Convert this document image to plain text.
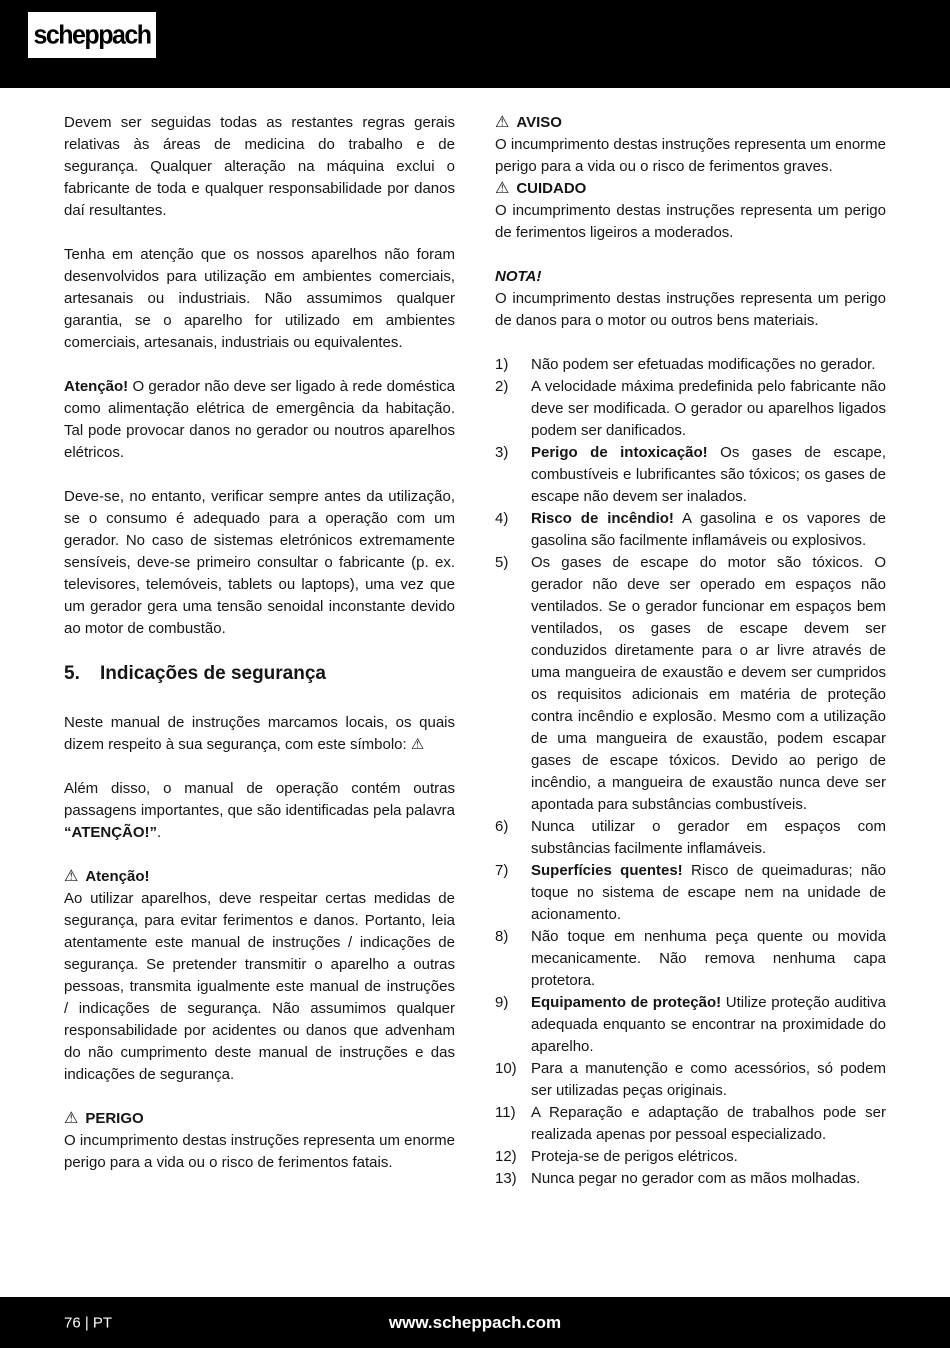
scheppach

Devem ser seguidas todas as restantes regras gerais relativas às áreas de medicina do trabalho e de segurança. Qualquer alteração na máquina exclui o fabricante de toda e qualquer responsabilidade por danos daí resultantes.

Tenha em atenção que os nossos aparelhos não foram desenvolvidos para utilização em ambientes comerciais, artesanais ou industriais. Não assumimos qualquer garantia, se o aparelho for utilizado em ambientes comerciais, artesanais, industriais ou equivalentes.

Atenção! O gerador não deve ser ligado à rede doméstica como alimentação elétrica de emergência da habitação. Tal pode provocar danos no gerador ou noutros aparelhos elétricos.

Deve-se, no entanto, verificar sempre antes da utilização, se o consumo é adequado para a operação com um gerador. No caso de sistemas eletrónicos extremamente sensíveis, deve-se primeiro consultar o fabricante (p. ex. televisores, telemóveis, tablets ou laptops), uma vez que um gerador gera uma tensão senoidal inconstante devido ao motor de combustão.

5.	Indicações de segurança

Neste manual de instruções marcamos locais, os quais dizem respeito à sua segurança, com este símbolo: ⚠

Além disso, o manual de operação contém outras passagens importantes, que são identificadas pela palavra “ATENÇÃO!”.

⚠ Atenção!

Ao utilizar aparelhos, deve respeitar certas medidas de segurança, para evitar ferimentos e danos. Portanto, leia atentamente este manual de instruções / indicações de segurança. Se pretender transmitir o aparelho a outras pessoas, transmita igualmente este manual de instruções / indicações de segurança. Não assumimos qualquer responsabilidade por acidentes ou danos que advenham do não cumprimento deste manual de instruções e das indicações de segurança.

⚠ PERIGO

O incumprimento destas instruções representa um enorme perigo para a vida ou o risco de ferimentos fatais.

⚠ AVISO

O incumprimento destas instruções representa um enorme perigo para a vida ou o risco de ferimentos graves.

⚠ CUIDADO

O incumprimento destas instruções representa um perigo de ferimentos ligeiros a moderados.

NOTA!

O incumprimento destas instruções representa um perigo de danos para o motor ou outros bens materiais.

1)	Não podem ser efetuadas modificações no gerador.
2)	A velocidade máxima predefinida pelo fabricante não deve ser modificada. O gerador ou aparelhos ligados podem ser danificados.
3)	Perigo de intoxicação! Os gases de escape, combustíveis e lubrificantes são tóxicos; os gases de escape não devem ser inalados.
4)	Risco de incêndio! A gasolina e os vapores de gasolina são facilmente inflamáveis ou explosivos.
5)	Os gases de escape do motor são tóxicos. O gerador não deve ser operado em espaços não ventilados. Se o gerador funcionar em espaços bem ventilados, os gases de escape devem ser conduzidos diretamente para o ar livre através de uma mangueira de exaustão e devem ser cumpridos os requisitos adicionais em matéria de proteção contra incêndio e explosão. Mesmo com a utilização de uma mangueira de exaustão, podem escapar gases de escape tóxicos. Devido ao perigo de incêndio, a mangueira de exaustão nunca deve ser apontada para substâncias combustíveis.
6)	Nunca utilizar o gerador em espaços com substâncias facilmente inflamáveis.
7)	Superfícies quentes! Risco de queimaduras; não toque no sistema de escape nem na unidade de acionamento.
8)	Não toque em nenhuma peça quente ou movida mecanicamente. Não remova nenhuma capa protetora.
9)	Equipamento de proteção! Utilize proteção auditiva adequada enquanto se encontrar na proximidade do aparelho.
10) Para a manutenção e como acessórios, só podem ser utilizadas peças originais.
11)	A Reparação e adaptação de trabalhos pode ser realizada apenas por pessoal especializado.
12) Proteja-se de perigos elétricos.
13) Nunca pegar no gerador com as mãos molhadas.
76 | PT	www.scheppach.com
